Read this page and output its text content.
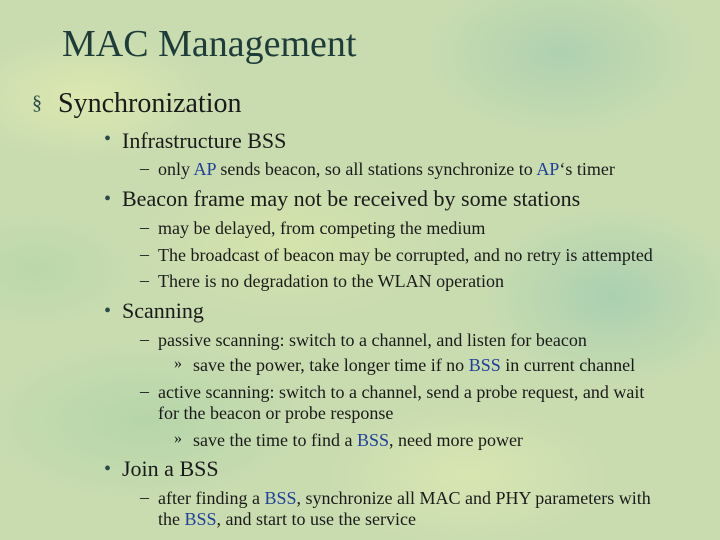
MAC Management
§ Synchronization
• Infrastructure BSS
– only AP sends beacon, so all stations synchronize to AP‘s timer
• Beacon frame may not be received by some stations
– may be delayed, from competing the medium
– The broadcast of beacon may be corrupted, and no retry is attempted
– There is no degradation to the WLAN operation
• Scanning
– passive scanning: switch to a channel, and listen for beacon
» save the power, take longer time if no BSS in current channel
– active scanning: switch to a channel, send a probe request, and wait
for the beacon or probe response
» save the time to find a BSS, need more power
• Join a BSS
– after finding a BSS, synchronize all MAC and PHY parameters with
the BSS, and start to use the service
